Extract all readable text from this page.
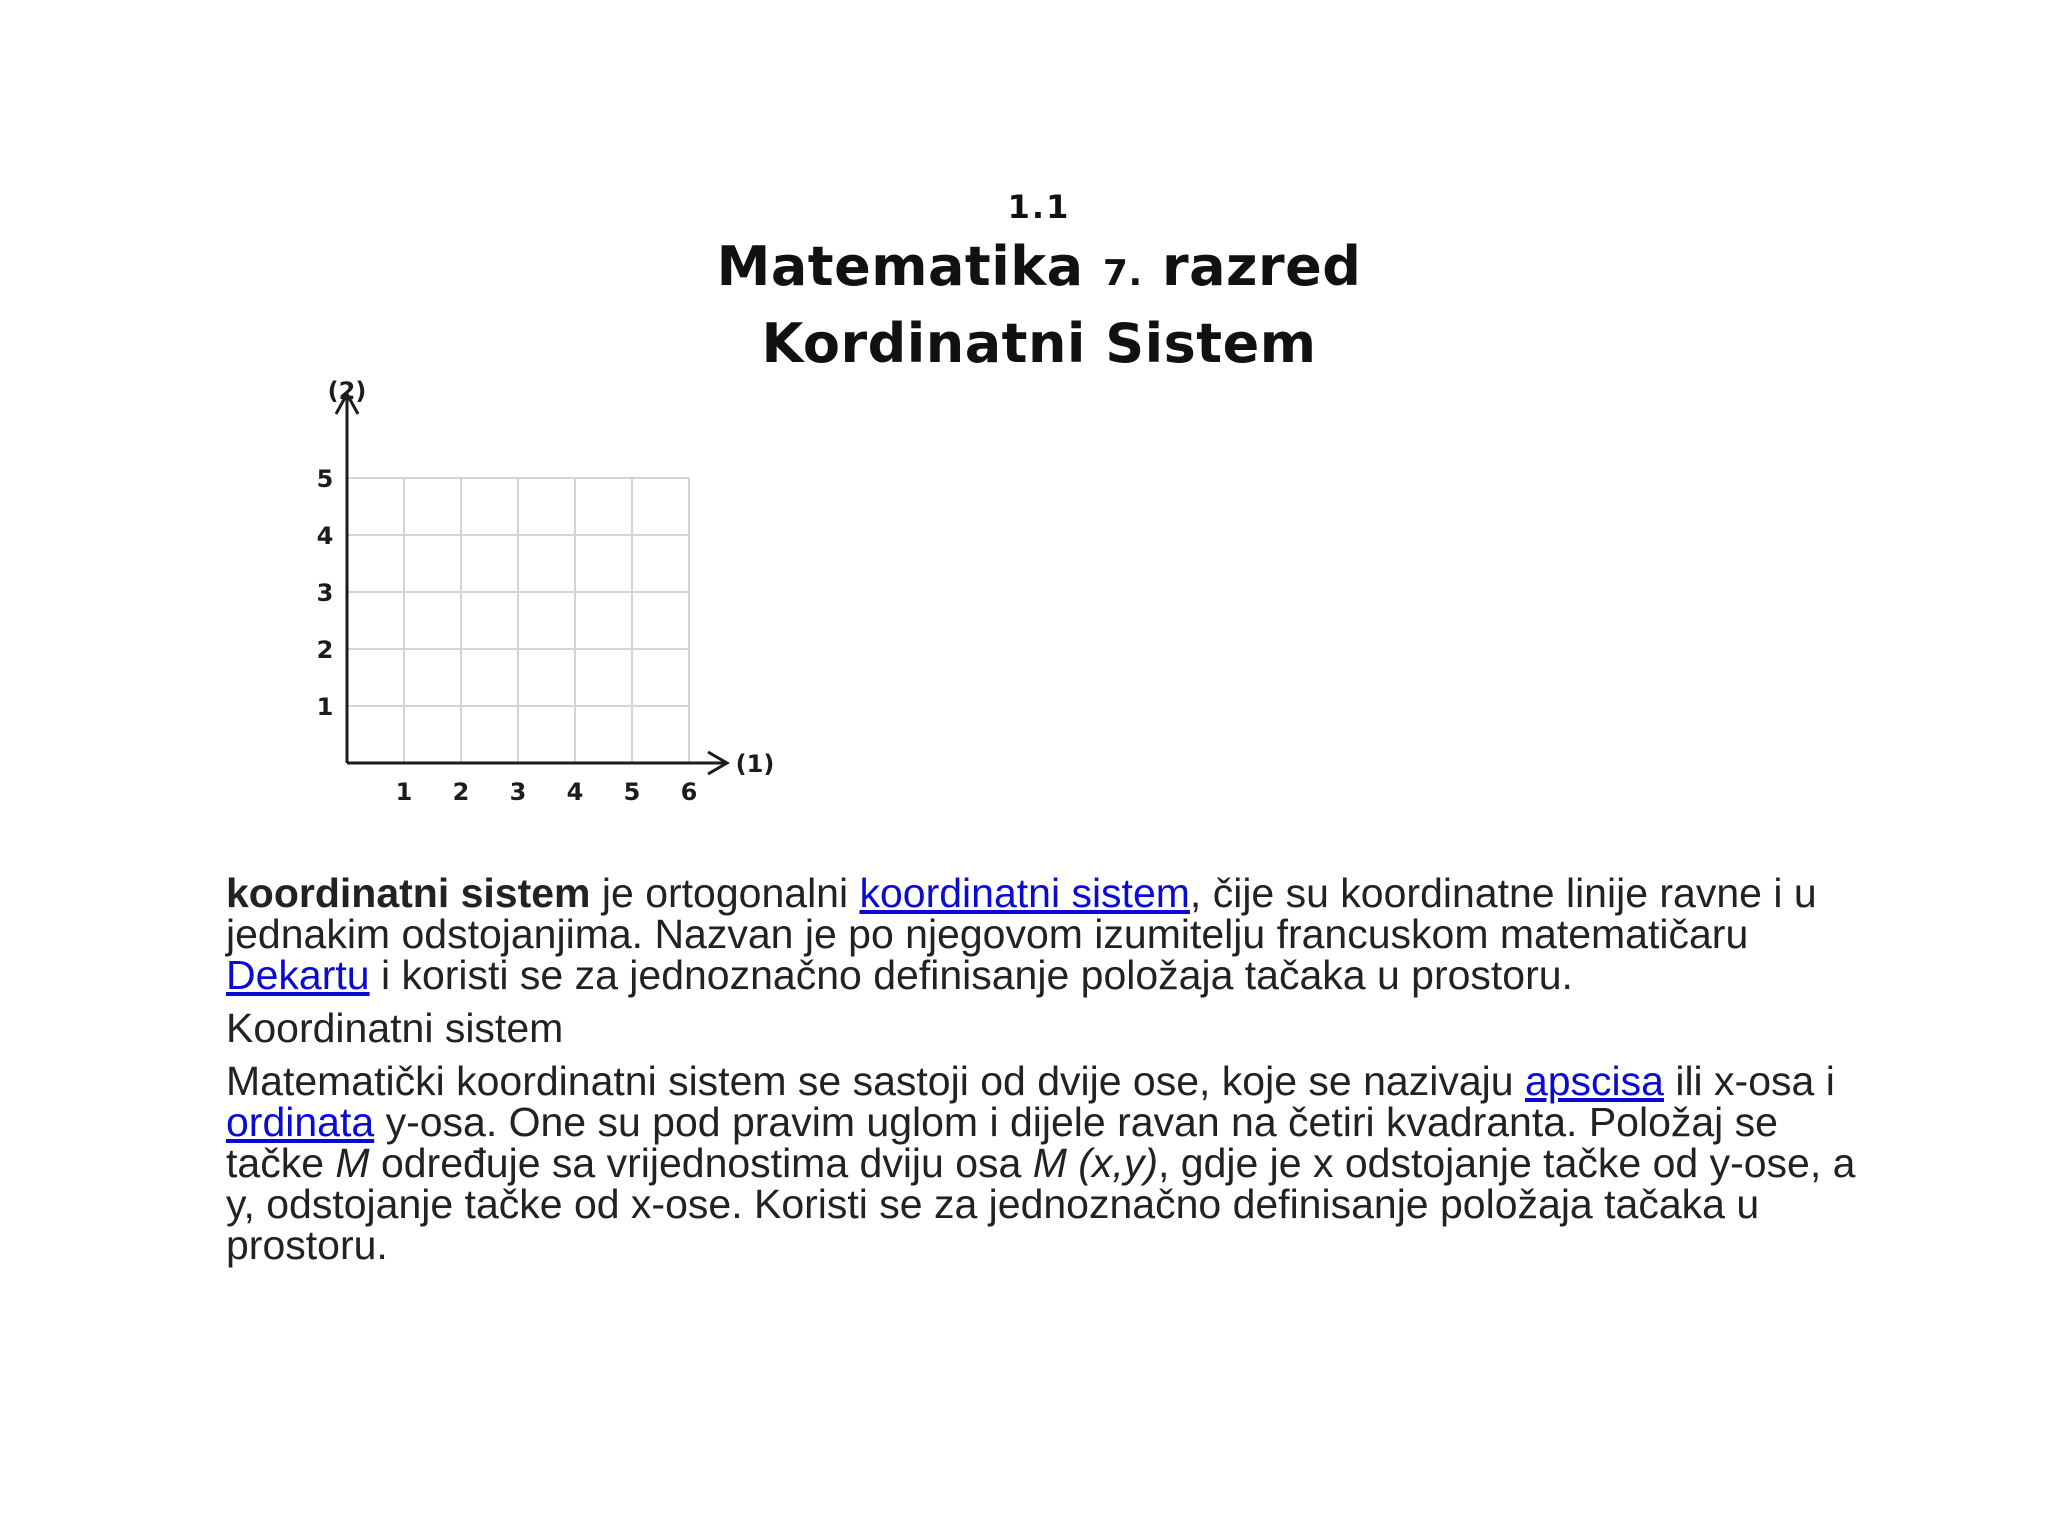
1.1
Matematika 7. razred
Kordinatni Sistem
(2)
(1)
1 2 3 4 5 6
1
2
3
4
5

koordinatni sistem je ortogonalni koordinatni sistem, čije su koordinatne linije ravne i u jednakim odstojanjima. Nazvan je po njegovom izumitelju francuskom matematičaru Dekartu i koristi se za jednoznačno definisanje položaja tačaka u prostoru.

Koordinatni sistem

Matematički koordinatni sistem se sastoji od dvije ose, koje se nazivaju apscisa ili x-osa i ordinata y-osa. One su pod pravim uglom i dijele ravan na četiri kvadranta. Položaj se tačke M određuje sa vrijednostima dviju osa M (x,y), gdje je x odstojanje tačke od y-ose, a y, odstojanje tačke od x-ose. Koristi se za jednoznačno definisanje položaja tačaka u prostoru.
